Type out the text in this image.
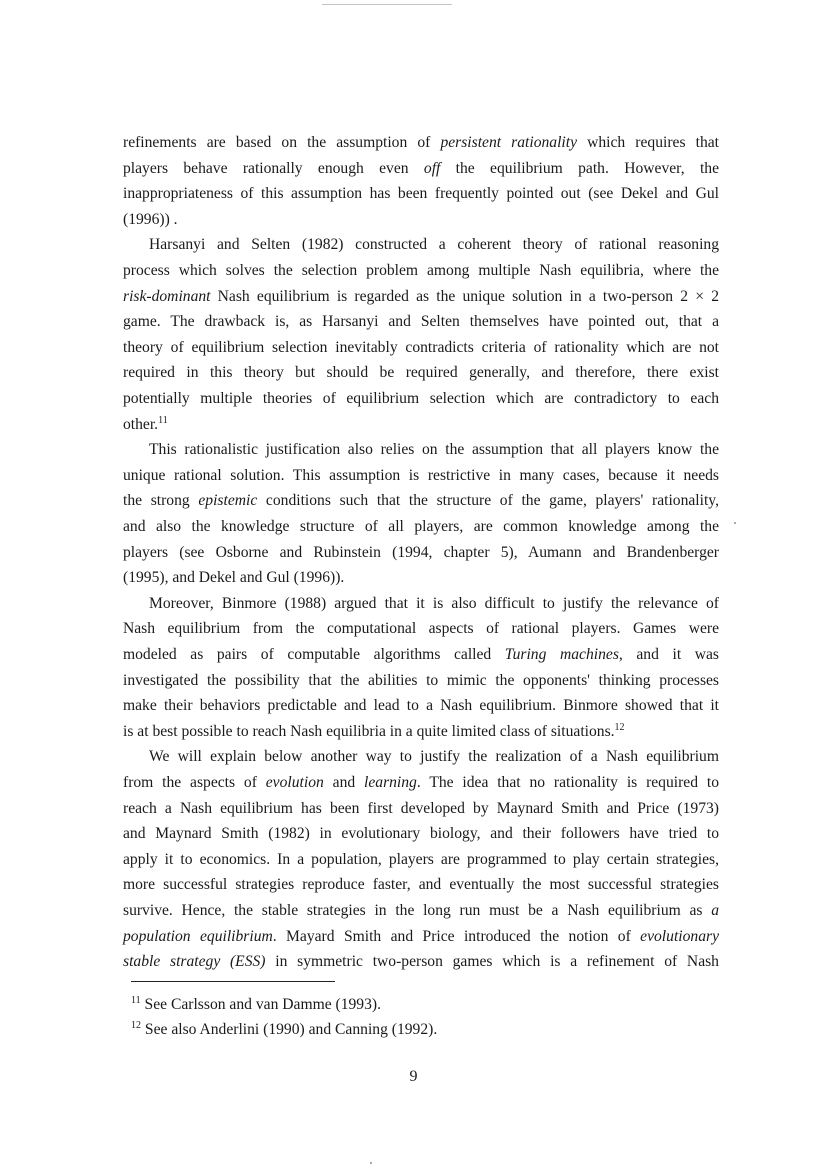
refinements are based on the assumption of persistent rationality which requires that
players behave rationally enough even off the equilibrium path. However, the
inappropriateness of this assumption has been frequently pointed out (see Dekel and Gul
(1996)) .
Harsanyi and Selten (1982) constructed a coherent theory of rational reasoning
process which solves the selection problem among multiple Nash equilibria, where the
risk-dominant Nash equilibrium is regarded as the unique solution in a two-person 2 × 2
game. The drawback is, as Harsanyi and Selten themselves have pointed out, that a
theory of equilibrium selection inevitably contradicts criteria of rationality which are not
required in this theory but should be required generally, and therefore, there exist
potentially multiple theories of equilibrium selection which are contradictory to each
other.$^{11}$
This rationalistic justification also relies on the assumption that all players know the
unique rational solution. This assumption is restrictive in many cases, because it needs
the strong epistemic conditions such that the structure of the game, players' rationality,
and also the knowledge structure of all players, are common knowledge among the
players (see Osborne and Rubinstein (1994, chapter 5), Aumann and Brandenberger
(1995), and Dekel and Gul (1996)).
Moreover, Binmore (1988) argued that it is also difficult to justify the relevance of
Nash equilibrium from the computational aspects of rational players. Games were
modeled as pairs of computable algorithms called Turing machines, and it was
investigated the possibility that the abilities to mimic the opponents' thinking processes
make their behaviors predictable and lead to a Nash equilibrium. Binmore showed that it
is at best possible to reach Nash equilibria in a quite limited class of situations.$^{12}$
We will explain below another way to justify the realization of a Nash equilibrium
from the aspects of evolution and learning. The idea that no rationality is required to
reach a Nash equilibrium has been first developed by Maynard Smith and Price (1973)
and Maynard Smith (1982) in evolutionary biology, and their followers have tried to
apply it to economics. In a population, players are programmed to play certain strategies,
more successful strategies reproduce faster, and eventually the most successful strategies
survive. Hence, the stable strategies in the long run must be a Nash equilibrium as a
population equilibrium. Mayard Smith and Price introduced the notion of evolutionary
stable strategy (ESS) in symmetric two-person games which is a refinement of Nash
$^{11}$ See Carlsson and van Damme (1993).
$^{12}$ See also Anderlini (1990) and Canning (1992).
9
